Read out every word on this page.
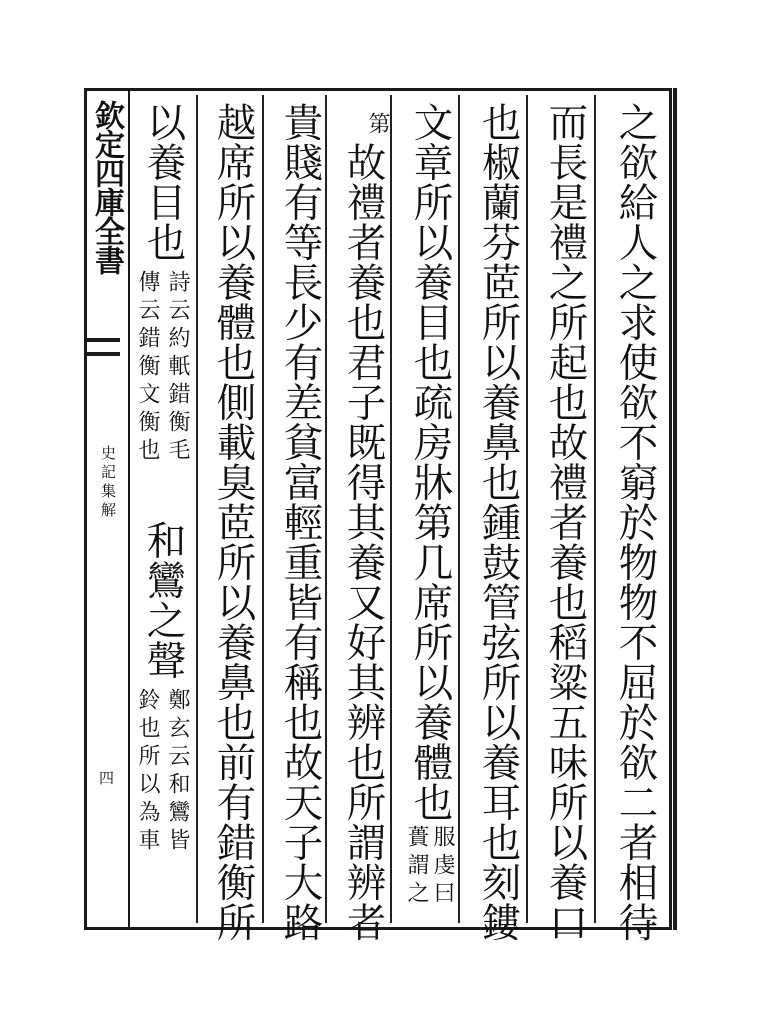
欽定四庫全書
史記集解
四	之欲給人之求使欲不窮於物物不屈於欲二者相待
而長是禮之所起也故禮者養也稻粱五味所以養口
也椒蘭芬茝所以養鼻也鍾鼓管弦所以養耳也刻鏤
文章所以養目也疏房牀第几席所以養體也
服虔曰
蕢謂之
第
故禮者養也君子既得其養又好其辨也所謂辨者
貴賤有等長少有差貧富輕重皆有稱也故天子大路
越席所以養體也側載臭茝所以養鼻也前有錯衡所
以養目也
詩云約軝錯衡毛
傳云錯衡文衡也
和鸞之聲
鄭玄云和鸞皆
鈴也所以為車
